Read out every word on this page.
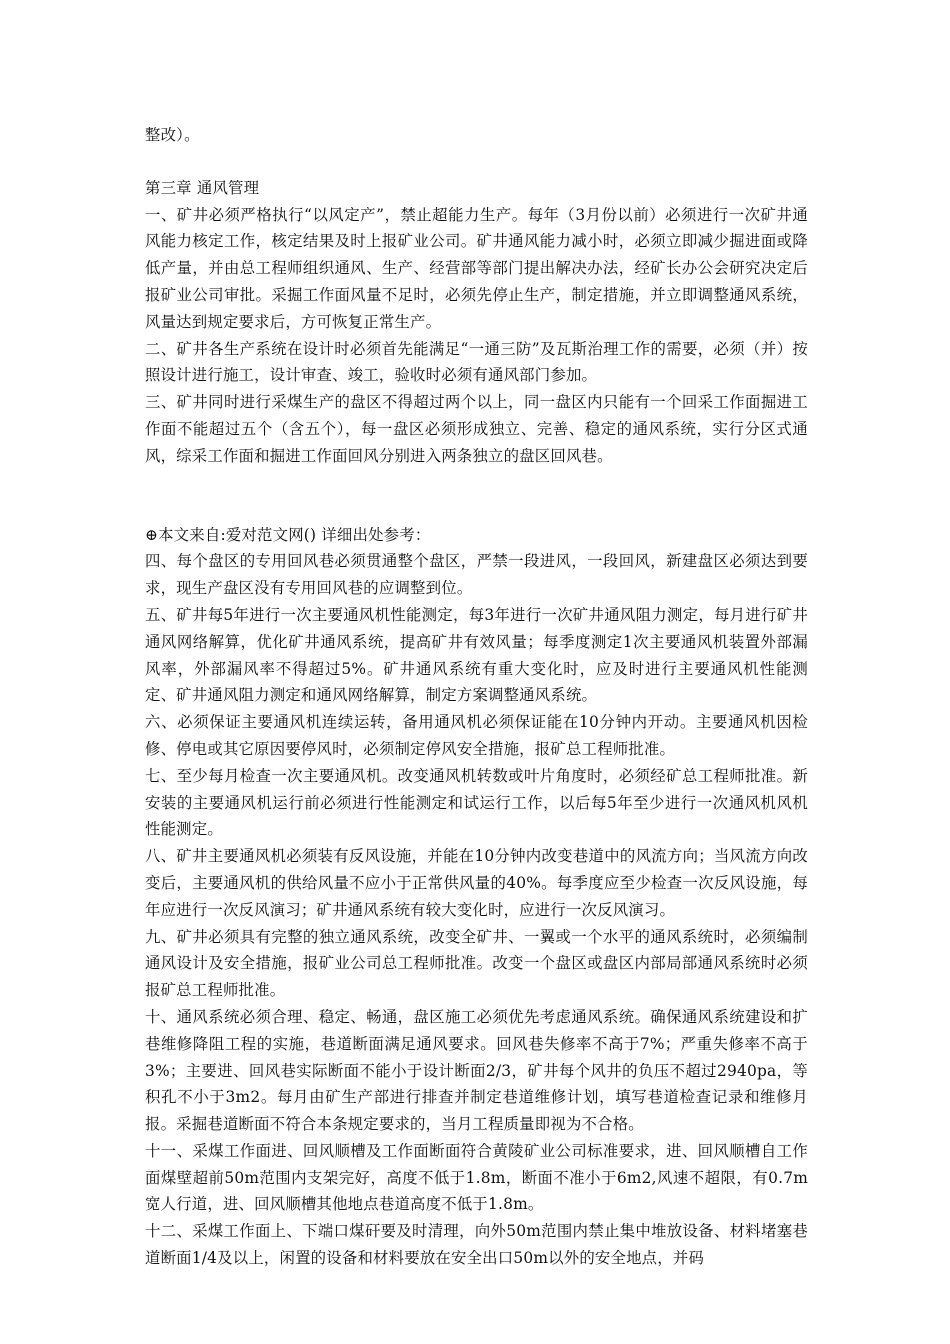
整改）。

第三章 通风管理

一、矿井必须严格执行“以风定产”，禁止超能力生产。每年（3月份以前）必须进行一次矿井通风能力核定工作，核定结果及时上报矿业公司。矿井通风能力减小时，必须立即减少掘进面或降低产量，并由总工程师组织通风、生产、经营部等部门提出解决办法，经矿长办公会研究决定后报矿业公司审批。采掘工作面风量不足时，必须先停止生产，制定措施，并立即调整通风系统，风量达到规定要求后，方可恢复正常生产。

二、矿井各生产系统在设计时必须首先能满足“一通三防”及瓦斯治理工作的需要，必须（并）按照设计进行施工，设计审查、竣工，验收时必须有通风部门参加。

三、矿井同时进行采煤生产的盘区不得超过两个以上，同一盘区内只能有一个回采工作面掘进工作面不能超过五个（含五个），每一盘区必须形成独立、完善、稳定的通风系统，实行分区式通风，综采工作面和掘进工作面回风分别进入两条独立的盘区回风巷。

⊕本文来自:爱对范文网() 详细出处参考：

四、每个盘区的专用回风巷必须贯通整个盘区，严禁一段进风，一段回风，新建盘区必须达到要求，现生产盘区没有专用回风巷的应调整到位。

五、矿井每5年进行一次主要通风机性能测定，每3年进行一次矿井通风阻力测定，每月进行矿井通风网络解算，优化矿井通风系统，提高矿井有效风量；每季度测定1次主要通风机装置外部漏风率，外部漏风率不得超过5%。矿井通风系统有重大变化时，应及时进行主要通风机性能测定、矿井通风阻力测定和通风网络解算，制定方案调整通风系统。

六、必须保证主要通风机连续运转，备用通风机必须保证能在10分钟内开动。主要通风机因检修、停电或其它原因要停风时，必须制定停风安全措施，报矿总工程师批准。

七、至少每月检查一次主要通风机。改变通风机转数或叶片角度时，必须经矿总工程师批准。新安装的主要通风机运行前必须进行性能测定和试运行工作，以后每5年至少进行一次通风机风机性能测定。

八、矿井主要通风机必须装有反风设施，并能在10分钟内改变巷道中的风流方向；当风流方向改变后，主要通风机的供给风量不应小于正常供风量的40%。每季度应至少检查一次反风设施，每年应进行一次反风演习；矿井通风系统有较大变化时，应进行一次反风演习。

九、矿井必须具有完整的独立通风系统，改变全矿井、一翼或一个水平的通风系统时，必须编制通风设计及安全措施，报矿业公司总工程师批准。改变一个盘区或盘区内部局部通风系统时必须报矿总工程师批准。

十、通风系统必须合理、稳定、畅通，盘区施工必须优先考虑通风系统。确保通风系统建设和扩巷维修降阻工程的实施，巷道断面满足通风要求。回风巷失修率不高于7%；严重失修率不高于3%；主要进、回风巷实际断面不能小于设计断面2/3，矿井每个风井的负压不超过2940pa，等积孔不小于3m2。每月由矿生产部进行排查并制定巷道维修计划，填写巷道检查记录和维修月报。采掘巷道断面不符合本条规定要求的，当月工程质量即视为不合格。

十一、采煤工作面进、回风顺槽及工作面断面符合黄陵矿业公司标准要求，进、回风顺槽自工作面煤壁超前50m范围内支架完好，高度不低于1.8m，断面不准小于6m2,风速不超限，有0.7m宽人行道，进、回风顺槽其他地点巷道高度不低于1.8m。

十二、采煤工作面上、下端口煤矸要及时清理，向外50m范围内禁止集中堆放设备、材料堵塞巷道断面1/4及以上，闲置的设备和材料要放在安全出口50m以外的安全地点，并码
